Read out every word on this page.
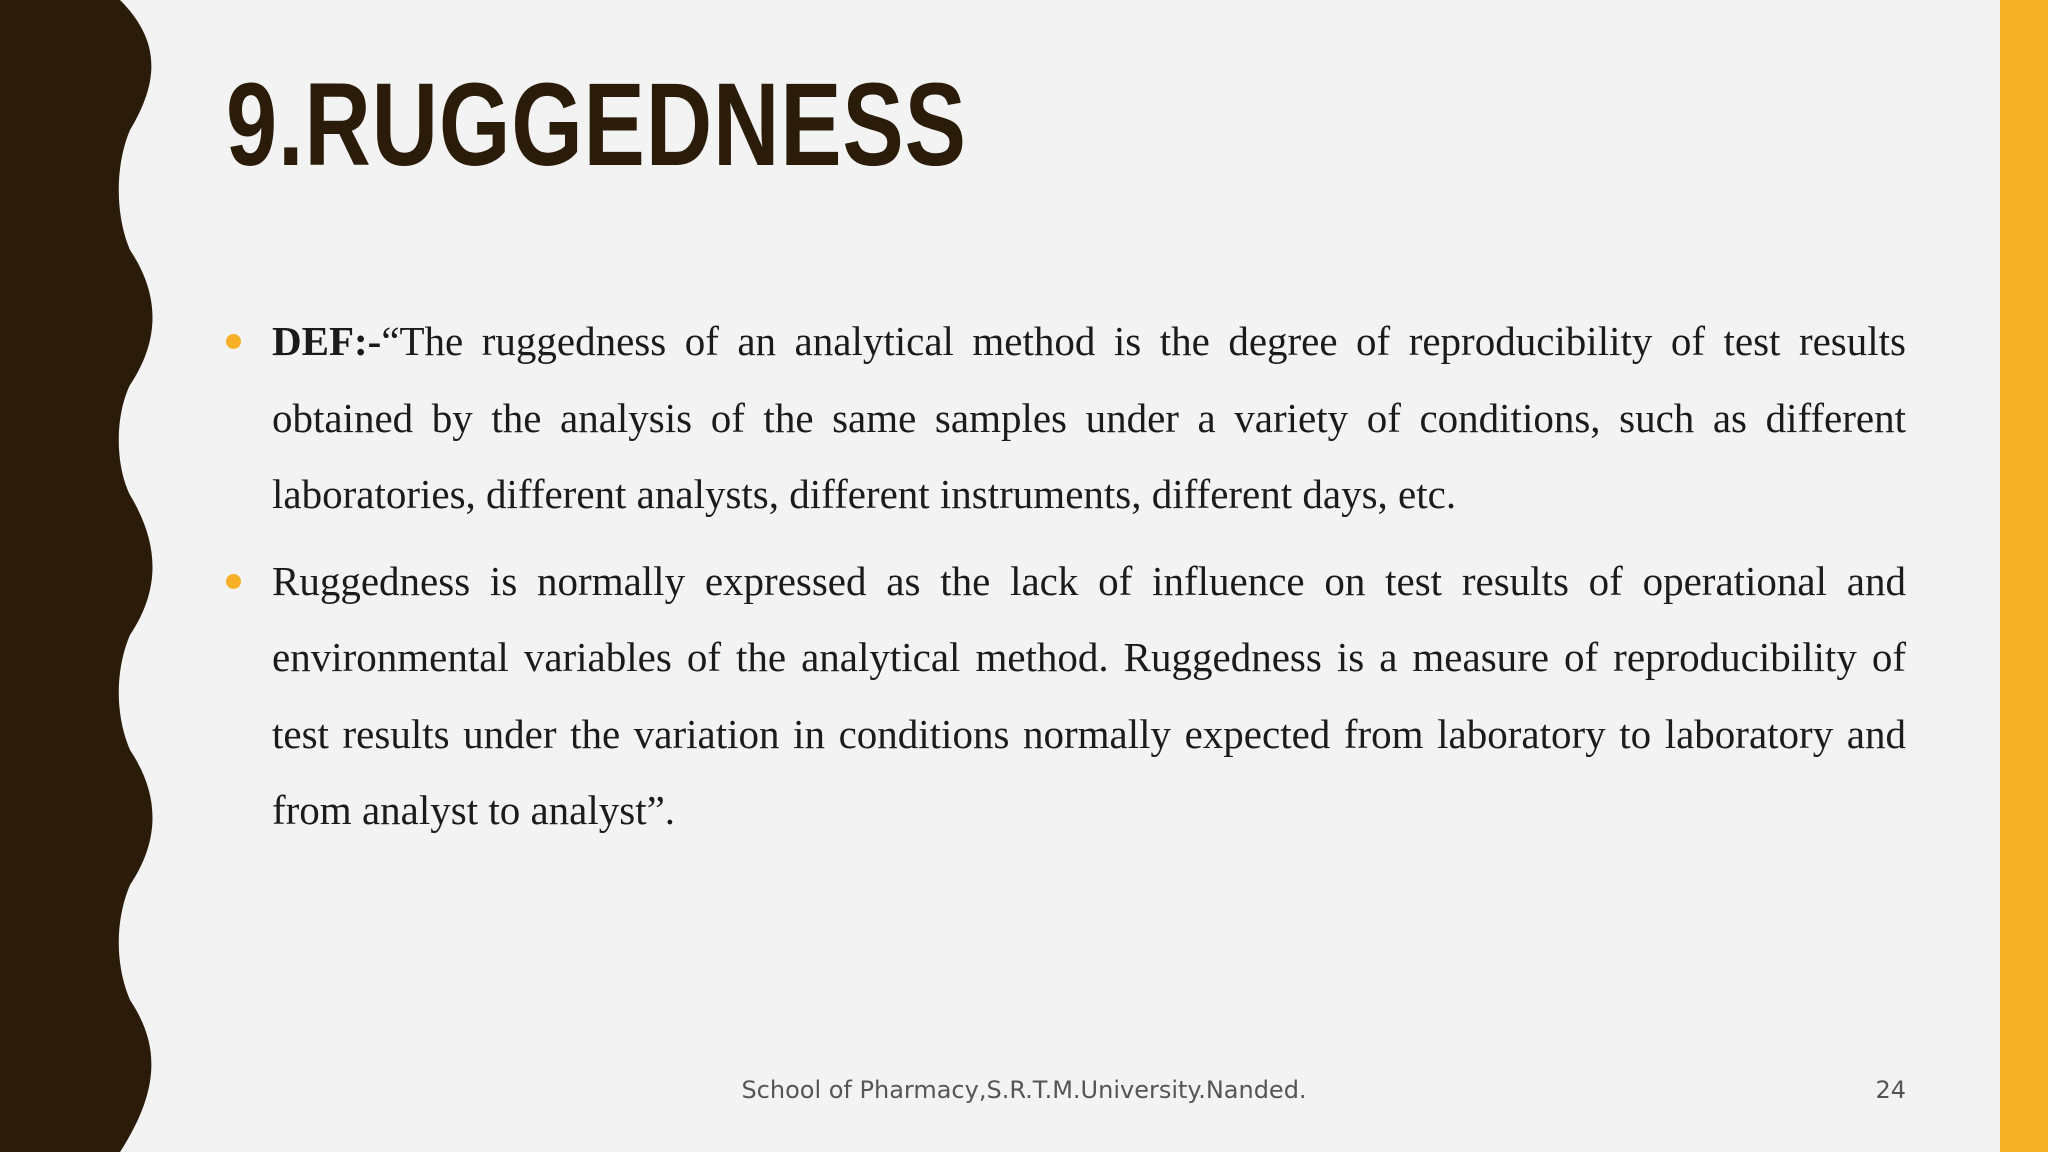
9.RUGGEDNESS
DEF:-“The ruggedness of an analytical method is the degree of reproducibility of test results obtained by the analysis of the same samples under a variety of conditions, such as different laboratories, different analysts, different instruments, different days, etc.
Ruggedness is normally expressed as the lack of influence on test results of operational and environmental variables of the analytical method. Ruggedness is a measure of reproducibility of test results under the variation in conditions normally expected from laboratory to laboratory and from analyst to analyst”.
School of Pharmacy,S.R.T.M.University.Nanded.	24
